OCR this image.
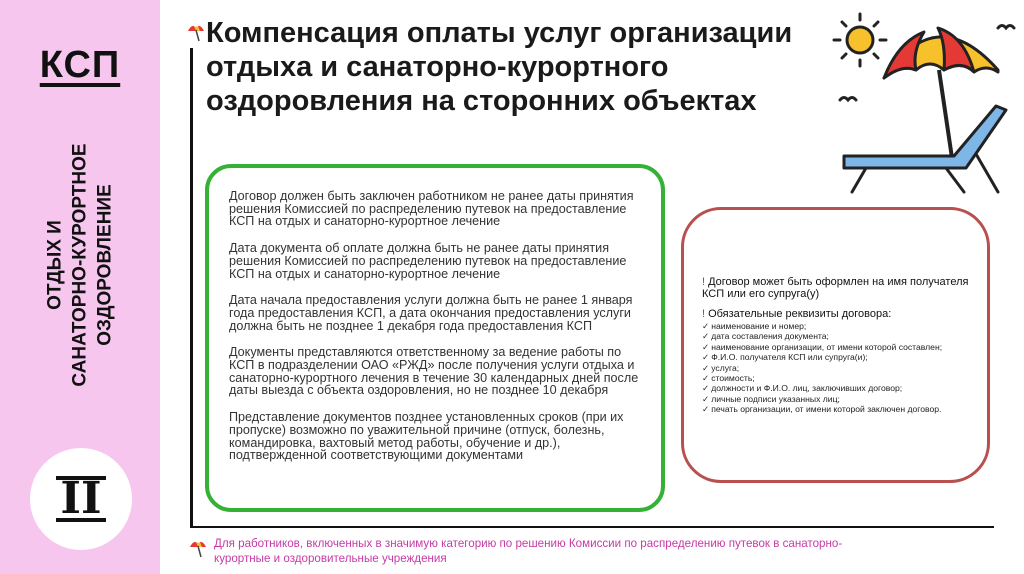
КСП
ОТДЫХ И САНАТОРНО-КУРОРТНОЕ ОЗДОРОВЛЕНИЕ
II
Компенсация оплаты услуг организации отдыха и санаторно-курортного оздоровления на сторонних объектах

Договор должен быть заключен работником не ранее даты принятия решения Комиссией по распределению путевок на предоставление КСП на отдых и санаторно-курортное лечение

Дата документа об оплате должна быть не ранее даты принятия решения Комиссией по распределению путевок на предоставление КСП на отдых и санаторно-курортное лечение

Дата начала предоставления услуги должна быть не ранее 1 января года предоставления КСП, а дата окончания предоставления услуги должна быть не позднее 1 декабря года предоставления КСП

Документы представляются ответственному за ведение работы по КСП в подразделении ОАО «РЖД» после получения услуги отдыха и санаторно-курортного лечения в течение 30 календарных дней после даты выезда с объекта оздоровления, но не позднее 10 декабря

Представление документов позднее установленных сроков (при их пропуске) возможно по уважительной причине (отпуск, болезнь, командировка, вахтовый метод работы, обучение и др.), подтвержденной соответствующими документами

! Договор может быть оформлен на имя получателя КСП или его супруга(у)

! Обязательные реквизиты договора:

✓ наименование и номер;
✓ дата составления документа;
✓ наименование организации, от имени которой составлен;
✓ Ф.И.О. получателя КСП или супруга(и);
✓ услуга;
✓ стоимость;
✓ должности и Ф.И.О. лиц, заключивших договор;
✓ личные подписи указанных лиц;
✓ печать организации, от имени которой заключен договор.

Для работников, включенных в значимую категорию по решению Комиссии по распределению путевок в санаторно-курортные и оздоровительные учреждения
